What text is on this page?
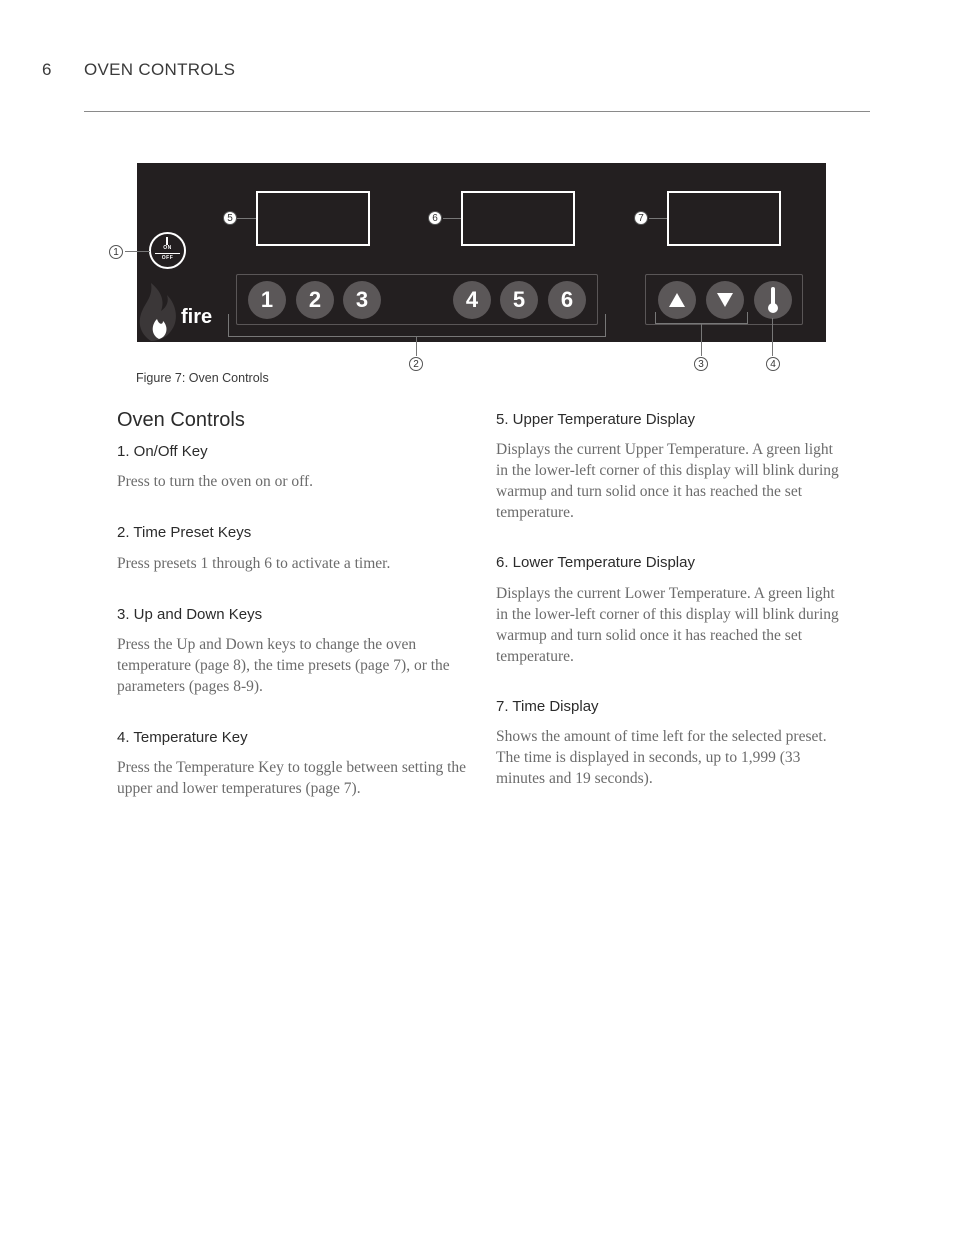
6 OVEN CONTROLS
ON
OFF
fire
1	2	3	4	5	6
1
2	3	4
5	6	7
Figure 7: Oven Controls
Oven Controls
1. On/Off Key
Press to turn the oven on or off.
2. Time Preset Keys
Press presets 1 through 6 to activate a timer.
3. Up and Down Keys
Press the Up and Down keys to change the oven temperature (page 8), the time presets (page 7), or the parameters (pages 8-9).
4. Temperature Key
Press the Temperature Key to toggle between setting the upper and lower temperatures (page 7).
5. Upper Temperature Display
Displays the current Upper Temperature. A green light in the lower-left corner of this display will blink during warmup and turn solid once it has reached the set temperature.
6. Lower Temperature Display
Displays the current Lower Temperature. A green light in the lower-left corner of this display will blink during warmup and turn solid once it has reached the set temperature.
7. Time Display
Shows the amount of time left for the selected preset. The time is displayed in seconds, up to 1,999 (33 minutes and 19 seconds).
